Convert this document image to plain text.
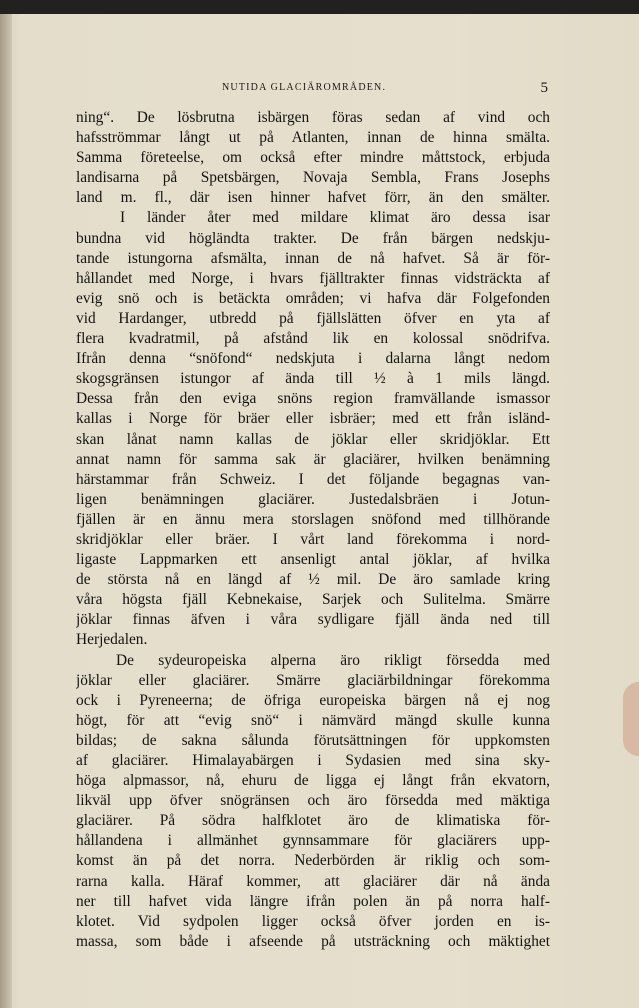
NUTIDA GLACIÄROMRÅDEN.	5
ning“. De lösbrutna isbärgen föras sedan af vind och
hafsströmmar långt ut på Atlanten, innan de hinna smälta.
Samma företeelse, om också efter mindre måttstock, erbjuda
landisarna på Spetsbärgen, Novaja Sembla, Frans Josephs
land m. fl., där isen hinner hafvet förr, än den smälter.
I länder åter med mildare klimat äro dessa isar
bundna vid högländta trakter. De från bärgen nedskju-
tande istungorna afsmälta, innan de nå hafvet. Så är för-
hållandet med Norge, i hvars fjälltrakter finnas vidsträckta af
evig snö och is betäckta områden; vi hafva där Folgefonden
vid Hardanger, utbredd på fjällslätten öfver en yta af
flera kvadratmil, på afstånd lik en kolossal snödrifva.
Ifrån denna “snöfond“ nedskjuta i dalarna långt nedom
skogsgränsen istungor af ända till ½ à 1 mils längd.
Dessa från den eviga snöns region framvällande ismassor
kallas i Norge för bräer eller isbräer; med ett från isländ-
skan lånat namn kallas de jöklar eller skridjöklar. Ett
annat namn för samma sak är glaciärer, hvilken benämning
härstammar från Schweiz. I det följande begagnas van-
ligen benämningen glaciärer. Justedalsbräen i Jotun-
fjällen är en ännu mera storslagen snöfond med tillhörande
skridjöklar eller bräer. I vårt land förekomma i nord-
ligaste Lappmarken ett ansenligt antal jöklar, af hvilka
de största nå en längd af ½ mil. De äro samlade kring
våra högsta fjäll Kebnekaise, Sarjek och Sulitelma. Smärre
jöklar finnas äfven i våra sydligare fjäll ända ned till
Herjedalen.
De sydeuropeiska alperna äro rikligt försedda med
jöklar eller glaciärer. Smärre glaciärbildningar förekomma
ock i Pyreneerna; de öfriga europeiska bärgen nå ej nog
högt, för att “evig snö“ i nämvärd mängd skulle kunna
bildas; de sakna sålunda förutsättningen för uppkomsten
af glaciärer. Himalayabärgen i Sydasien med sina sky-
höga alpmassor, nå, ehuru de ligga ej långt från ekvatorn,
likväl upp öfver snögränsen och äro försedda med mäktiga
glaciärer. På södra halfklotet äro de klimatiska för-
hållandena i allmänhet gynnsammare för glaciärers upp-
komst än på det norra. Nederbörden är riklig och som-
rarna kalla. Häraf kommer, att glaciärer där nå ända
ner till hafvet vida längre ifrån polen än på norra half-
klotet. Vid sydpolen ligger också öfver jorden en is-
massa, som både i afseende på utsträckning och mäktighet
